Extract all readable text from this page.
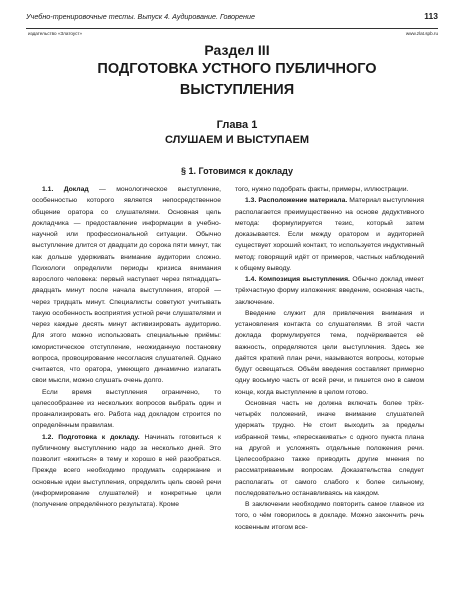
Учебно-тренировочные тесты. Выпуск 4. Аудирование. Говорение	113
издательство «Златоуст»	www.zlat.spb.ru
Раздел III
ПОДГОТОВКА УСТНОГО ПУБЛИЧНОГО ВЫСТУПЛЕНИЯ
Глава 1
СЛУШАЕМ И ВЫСТУПАЕМ
§ 1. Готовимся к докладу

1.1. Доклад — монологическое выступление, особенностью которого является непосредственное общение оратора со слушателями. Основная цель докладчика — предоставление информации в учебно-научной или профессиональной ситуации. Обычно выступление длится от двадцати до сорока пяти минут, так как дольше удерживать внимание аудитории сложно. Психологи определили периоды кризиса внимания взрослого человека: первый наступает через пятнадцать-двадцать минут после начала выступления, второй — через тридцать минут. Специалисты советуют учитывать такую особенность восприятия устной речи слушателями и через каждые десять минут активизировать аудиторию. Для этого можно использовать специальные приёмы: юмористическое отступление, неожиданную постановку вопроса, провоцирование несогласия слушателей. Однако считается, что оратора, умеющего динамично излагать свои мысли, можно слушать очень долго.

Если время выступления ограничено, то целесообразнее из нескольких вопросов выбрать один и проанализировать его. Работа над докладом строится по определённым правилам.

1.2. Подготовка к докладу. Начинать готовиться к публичному выступлению надо за несколько дней. Это позволит «вжиться» в тему и хорошо в ней разобраться. Прежде всего необходимо продумать содержание и основные идеи выступления, определить цель своей речи (информирование слушателей) и конкретные цели (получение определённого результата). Кроме

того, нужно подобрать факты, примеры, иллюстрации.

1.3. Расположение материала. Материал выступления располагается преимущественно на основе дедуктивного метода: формулируется тезис, который затем доказывается. Если между оратором и аудиторией существует хороший контакт, то используется индуктивный метод: говорящий идёт от примеров, частных наблюдений к общему выводу.

1.4. Композиция выступления. Обычно доклад имеет трёхчастную форму изложения: введение, основная часть, заключение.

Введение служит для привлечения внимания и установления контакта со слушателями. В этой части доклада формулируется тема, подчёркивается её важность, определяются цели выступления. Здесь же даётся краткий план речи, называются вопросы, которые будут освещаться. Объём введения составляет примерно одну восьмую часть от всей речи, и пишется оно в самом конце, когда выступление в целом готово.

Основная часть не должна включать более трёх-четырёх положений, иначе внимание слушателей удержать трудно. Не стоит выходить за пределы избранной темы, «перескакивать» с одного пункта плана на другой и усложнять отдельные положения речи. Целесообразно также приводить другие мнения по рассматриваемым вопросам. Доказательства следует располагать от самого слабого к более сильному, последовательно останавливаясь на каждом.

В заключении необходимо повторить самое главное из того, о чём говорилось в докладе. Можно закончить речь косвенным итогом все-
